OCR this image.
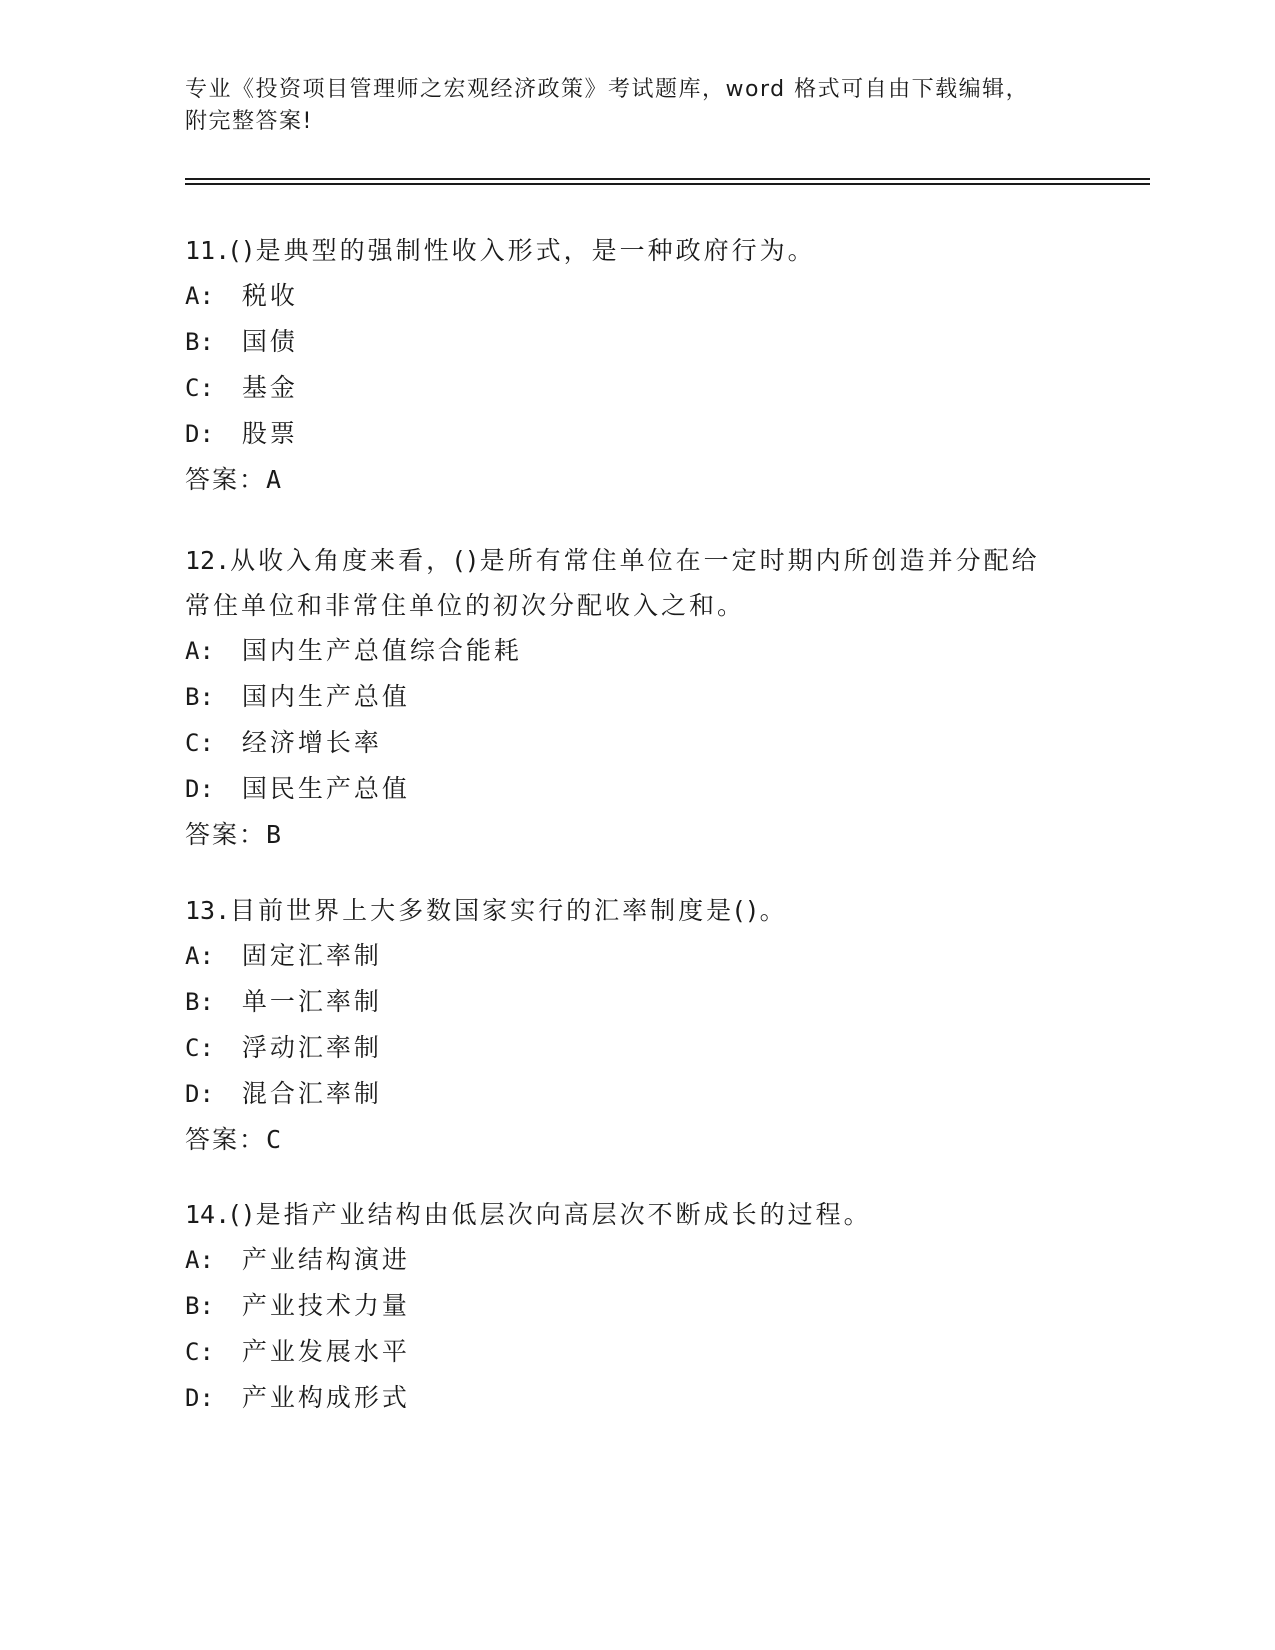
专业《投资项目管理师之宏观经济政策》考试题库，word 格式可自由下载编辑，
附完整答案!
11.()是典型的强制性收入形式，是一种政府行为。
A: 税收
B: 国债
C: 基金
D: 股票
答案：A
12.从收入角度来看，()是所有常住单位在一定时期内所创造并分配给
常住单位和非常住单位的初次分配收入之和。
A: 国内生产总值综合能耗
B: 国内生产总值
C: 经济增长率
D: 国民生产总值
答案：B
13.目前世界上大多数国家实行的汇率制度是()。
A: 固定汇率制
B: 单一汇率制
C: 浮动汇率制
D: 混合汇率制
答案：C
14.()是指产业结构由低层次向高层次不断成长的过程。
A: 产业结构演进
B: 产业技术力量
C: 产业发展水平
D: 产业构成形式
